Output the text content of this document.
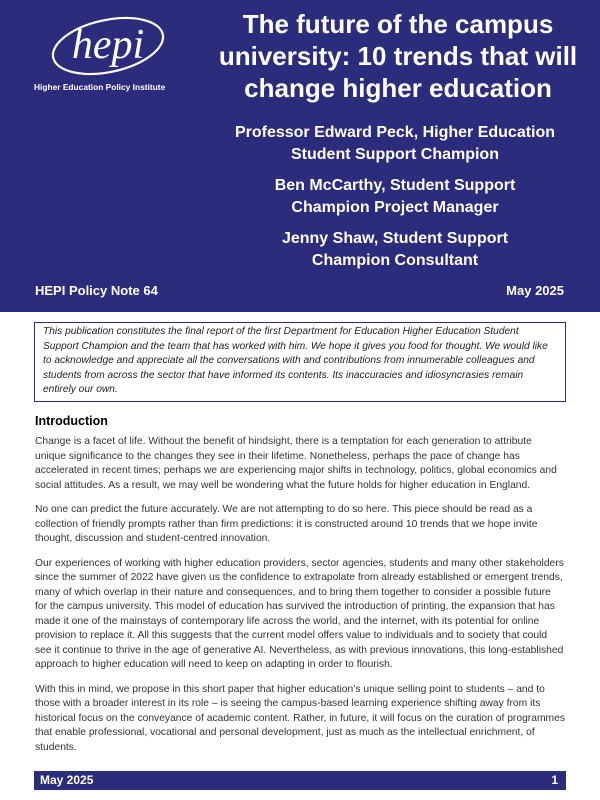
hepi
Higher Education Policy Institute
The future of the campus
university: 10 trends that will
change higher education
Professor Edward Peck, Higher Education
Student Support Champion
Ben McCarthy, Student Support
Champion Project Manager
Jenny Shaw, Student Support
Champion Consultant
HEPI Policy Note 64	May 2025
This publication constitutes the final report of the first Department for Education Higher Education Student Support Champion and the team that has worked with him. We hope it gives you food for thought. We would like to acknowledge and appreciate all the conversations with and contributions from innumerable colleagues and students from across the sector that have informed its contents. Its inaccuracies and idiosyncrasies remain entirely our own.
Introduction

Change is a facet of life. Without the benefit of hindsight, there is a temptation for each generation to attribute unique significance to the changes they see in their lifetime. Nonetheless, perhaps the pace of change has accelerated in recent times; perhaps we are experiencing major shifts in technology, politics, global economics and social attitudes. As a result, we may well be wondering what the future holds for higher education in England.

No one can predict the future accurately. We are not attempting to do so here. This piece should be read as a collection of friendly prompts rather than firm predictions: it is constructed around 10 trends that we hope invite thought, discussion and student-centred innovation.

Our experiences of working with higher education providers, sector agencies, students and many other stakeholders since the summer of 2022 have given us the confidence to extrapolate from already established or emergent trends, many of which overlap in their nature and consequences, and to bring them together to consider a possible future for the campus university. This model of education has survived the introduction of printing, the expansion that has made it one of the mainstays of contemporary life across the world, and the internet, with its potential for online provision to replace it. All this suggests that the current model offers value to individuals and to society that could see it continue to thrive in the age of generative AI. Nevertheless, as with previous innovations, this long-established approach to higher education will need to keep on adapting in order to flourish.

With this in mind, we propose in this short paper that higher education’s unique selling point to students – and to those with a broader interest in its role – is seeing the campus-based learning experience shifting away from its historical focus on the conveyance of academic content. Rather, in future, it will focus on the curation of programmes that enable professional, vocational and personal development, just as much as the intellectual enrichment, of students.

May 2025	1
